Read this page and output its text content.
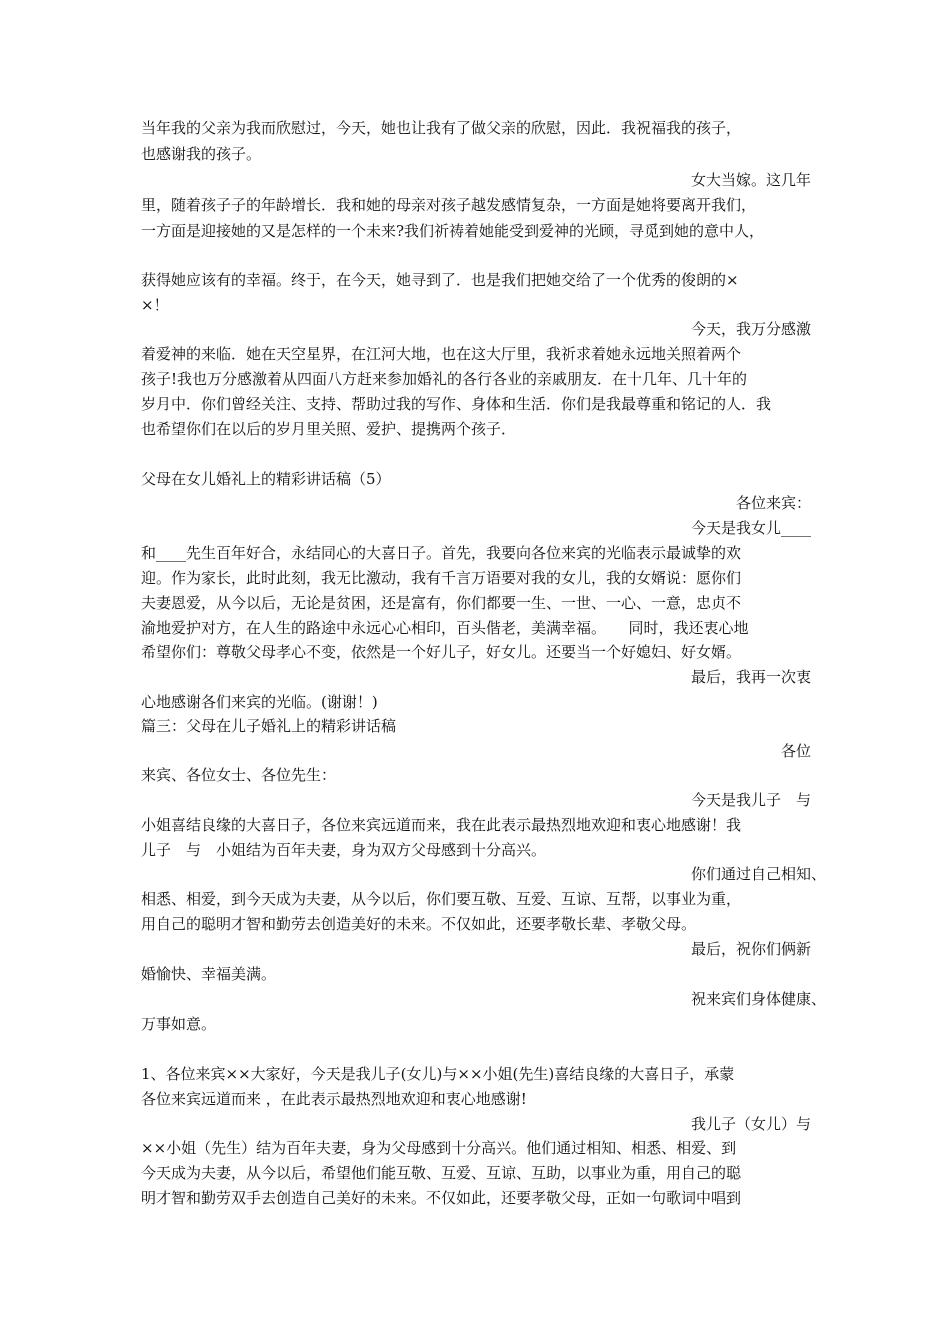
当年我的父亲为我而欣慰过，今天，她也让我有了做父亲的欣慰，因此．我祝福我的孩子，
也感谢我的孩子。
女大当嫁。这几年
里，随着孩子子的年龄增长．我和她的母亲对孩子越发感情复杂，一方面是她将要离开我们，
一方面是迎接她的又是怎样的一个未来?我们祈祷着她能受到爱神的光顾，寻觅到她的意中人，
获得她应该有的幸福。终于，在今天，她寻到了．也是我们把她交给了一个优秀的俊朗的×
×！
今天，我万分感激
着爱神的来临．她在天空星界，在江河大地，也在这大厅里，我祈求着她永远地关照着两个
孩子!我也万分感激着从四面八方赶来参加婚礼的各行各业的亲戚朋友．在十几年、几十年的
岁月中．你们曾经关注、支持、帮助过我的写作、身体和生活．你们是我最尊重和铭记的人．我
也希望你们在以后的岁月里关照、爱护、提携两个孩子．
父母在女儿婚礼上的精彩讲话稿（5）
各位来宾：
今天是我女儿____
和____先生百年好合，永结同心的大喜日子。首先，我要向各位来宾的光临表示最诚挚的欢
迎。作为家长，此时此刻，我无比激动，我有千言万语要对我的女儿，我的女婿说：愿你们
夫妻恩爱，从今以后，无论是贫困，还是富有，你们都要一生、一世、一心、一意，忠贞不
渝地爱护对方，在人生的路途中永远心心相印，百头偕老，美满幸福。　　同时，我还衷心地
希望你们：尊敬父母孝心不变，依然是一个好儿子，好女儿。还要当一个好媳妇、好女婿。
最后，我再一次衷
心地感谢各们来宾的光临。(谢谢！)
篇三：父母在儿子婚礼上的精彩讲话稿
各位
来宾、各位女士、各位先生：
今天是我儿子　与
小姐喜结良缘的大喜日子，各位来宾远道而来，我在此表示最热烈地欢迎和衷心地感谢！我
儿子　与　小姐结为百年夫妻，身为双方父母感到十分高兴。
你们通过自己相知、
相悉、相爱，到今天成为夫妻，从今以后，你们要互敬、互爱、互谅、互帮，以事业为重，
用自己的聪明才智和勤劳去创造美好的未来。不仅如此，还要孝敬长辈、孝敬父母。
最后，祝你们俩新
婚愉快、幸福美满。
祝来宾们身体健康、
万事如意。
1、各位来宾××大家好，今天是我儿子(女儿)与××小姐(先生)喜结良缘的大喜日子，承蒙
各位来宾远道而来 ，在此表示最热烈地欢迎和衷心地感谢!
我儿子（女儿）与
××小姐（先生）结为百年夫妻，身为父母感到十分高兴。他们通过相知、相悉、相爱、到
今天成为夫妻，从今以后，希望他们能互敬、互爱、互谅、互助，以事业为重，用自己的聪
明才智和勤劳双手去创造自己美好的未来。不仅如此，还要孝敬父母，正如一句歌词中唱到
